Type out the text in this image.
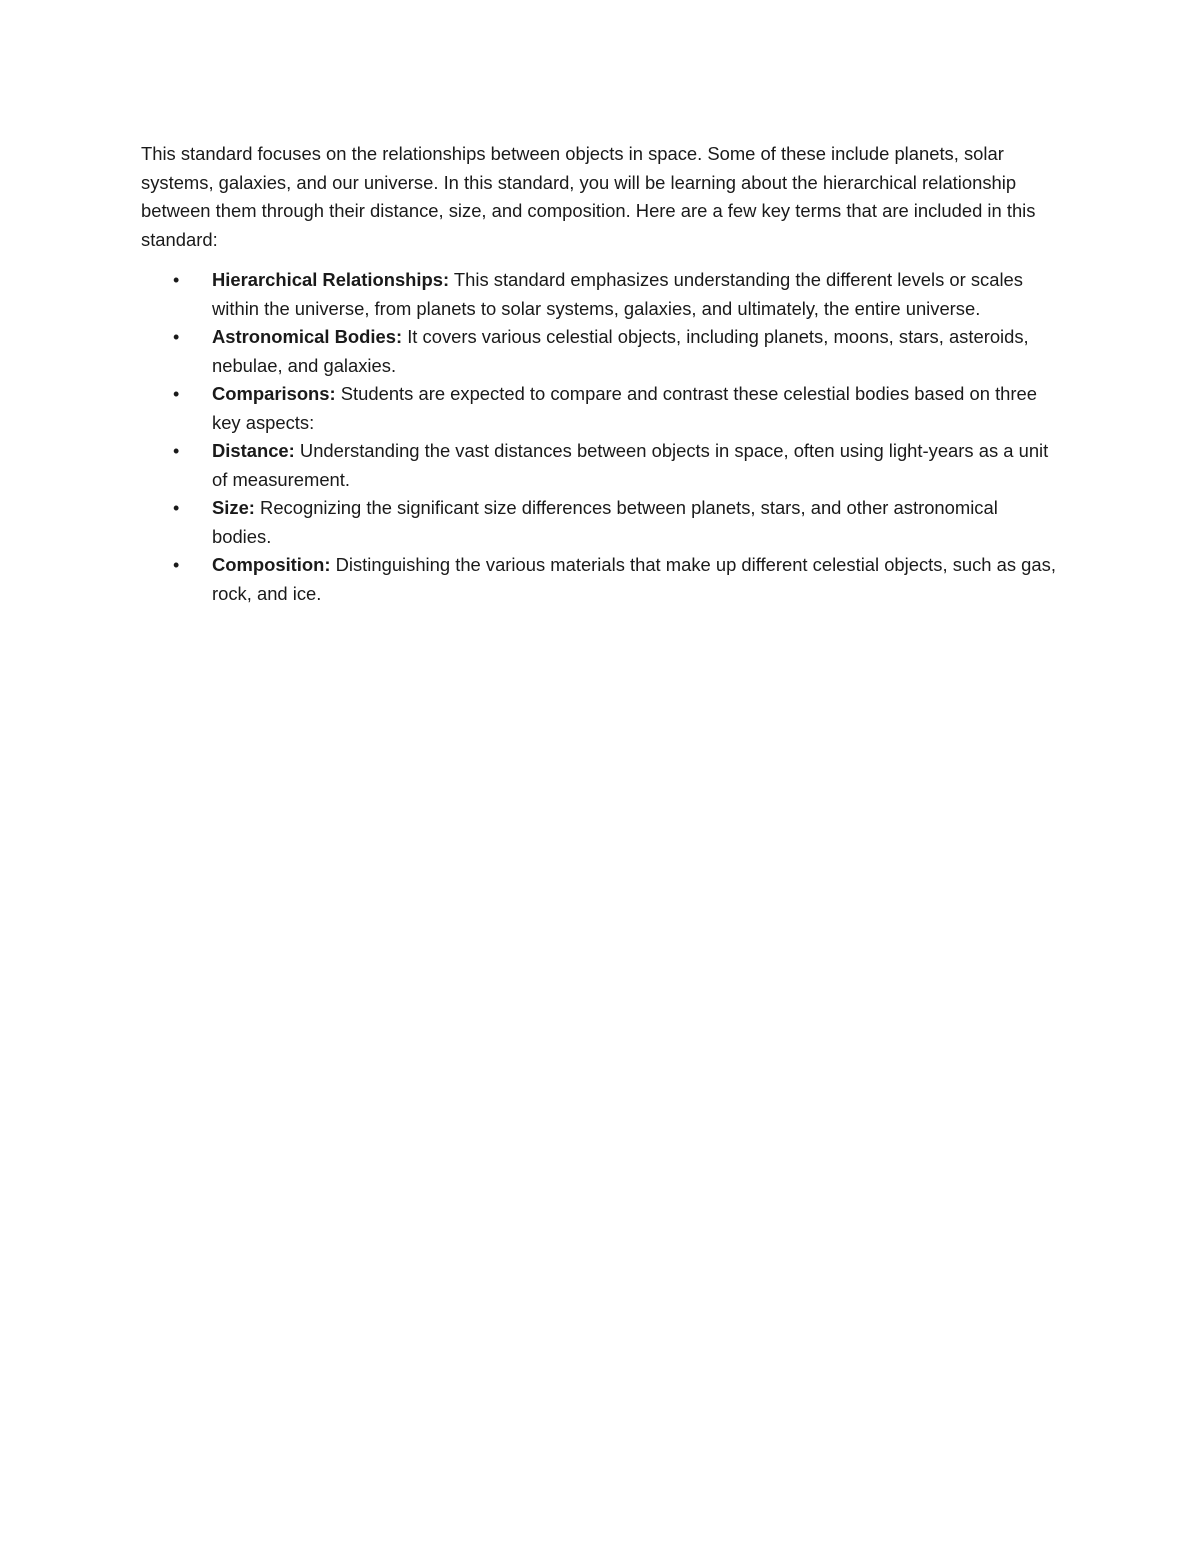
This standard focuses on the relationships between objects in space. Some of these include planets, solar systems, galaxies, and our universe. In this standard, you will be learning about the hierarchical relationship between them through their distance, size, and composition. Here are a few key terms that are included in this standard:

• Hierarchical Relationships: This standard emphasizes understanding the different levels or scales within the universe, from planets to solar systems, galaxies, and ultimately, the entire universe.
• Astronomical Bodies: It covers various celestial objects, including planets, moons, stars, asteroids, nebulae, and galaxies.
• Comparisons: Students are expected to compare and contrast these celestial bodies based on three key aspects:
• Distance: Understanding the vast distances between objects in space, often using light-years as a unit of measurement.
• Size: Recognizing the significant size differences between planets, stars, and other astronomical bodies.
• Composition: Distinguishing the various materials that make up different celestial objects, such as gas, rock, and ice.
